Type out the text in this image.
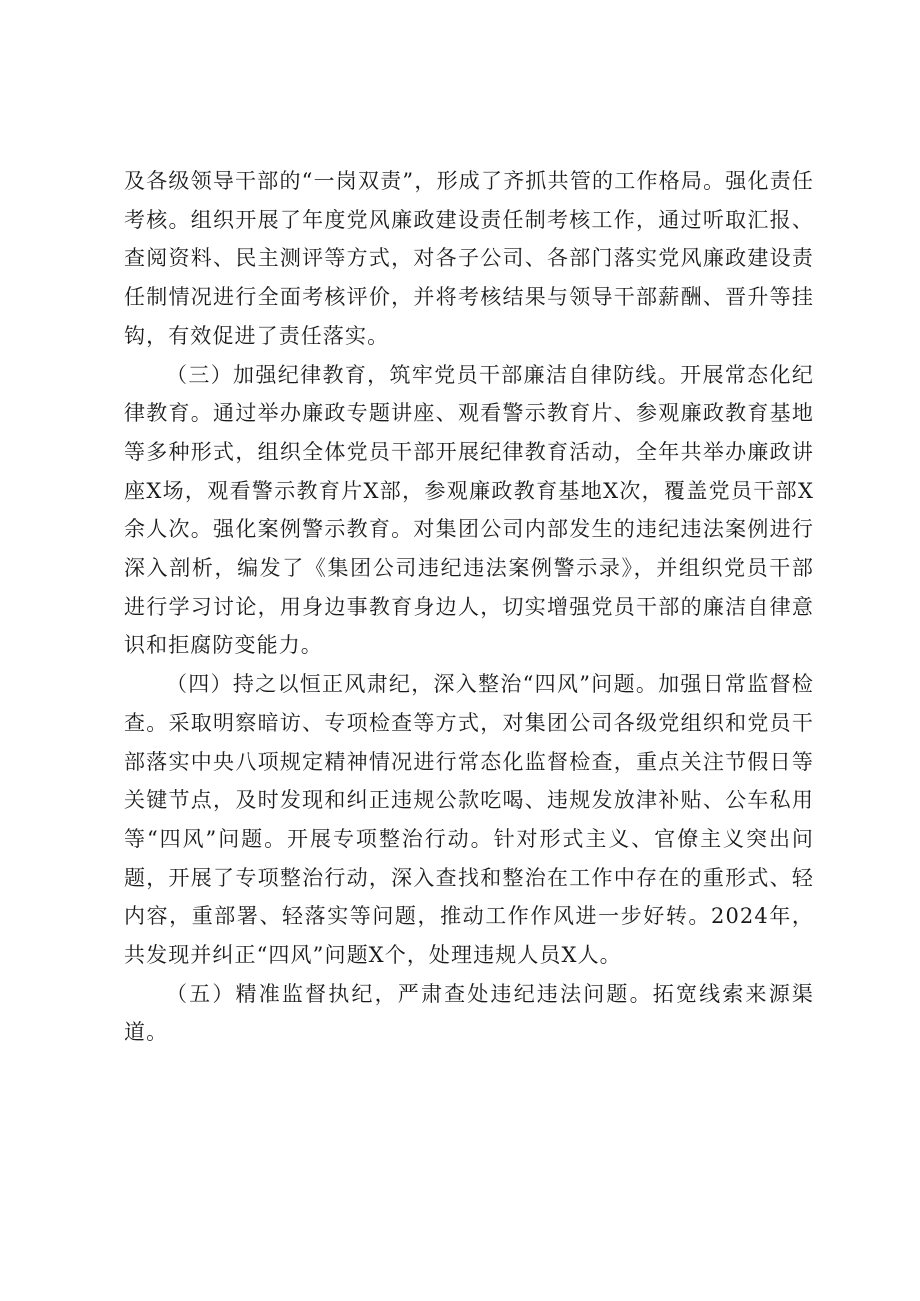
及各级领导干部的“一岗双责”，形成了齐抓共管的工作格局。强化责任考核。组织开展了年度党风廉政建设责任制考核工作，通过听取汇报、查阅资料、民主测评等方式，对各子公司、各部门落实党风廉政建设责任制情况进行全面考核评价，并将考核结果与领导干部薪酬、晋升等挂钩，有效促进了责任落实。

（三）加强纪律教育，筑牢党员干部廉洁自律防线。开展常态化纪律教育。通过举办廉政专题讲座、观看警示教育片、参观廉政教育基地等多种形式，组织全体党员干部开展纪律教育活动，全年共举办廉政讲座X场，观看警示教育片X部，参观廉政教育基地X次，覆盖党员干部X余人次。强化案例警示教育。对集团公司内部发生的违纪违法案例进行深入剖析，编发了《集团公司违纪违法案例警示录》，并组织党员干部进行学习讨论，用身边事教育身边人，切实增强党员干部的廉洁自律意识和拒腐防变能力。

（四）持之以恒正风肃纪，深入整治“四风”问题。加强日常监督检查。采取明察暗访、专项检查等方式，对集团公司各级党组织和党员干部落实中央八项规定精神情况进行常态化监督检查，重点关注节假日等关键节点，及时发现和纠正违规公款吃喝、违规发放津补贴、公车私用等“四风”问题。开展专项整治行动。针对形式主义、官僚主义突出问题，开展了专项整治行动，深入查找和整治在工作中存在的重形式、轻内容，重部署、轻落实等问题，推动工作作风进一步好转。2024年，共发现并纠正“四风”问题X个，处理违规人员X人。

（五）精准监督执纪，严肃查处违纪违法问题。拓宽线索来源渠道。
